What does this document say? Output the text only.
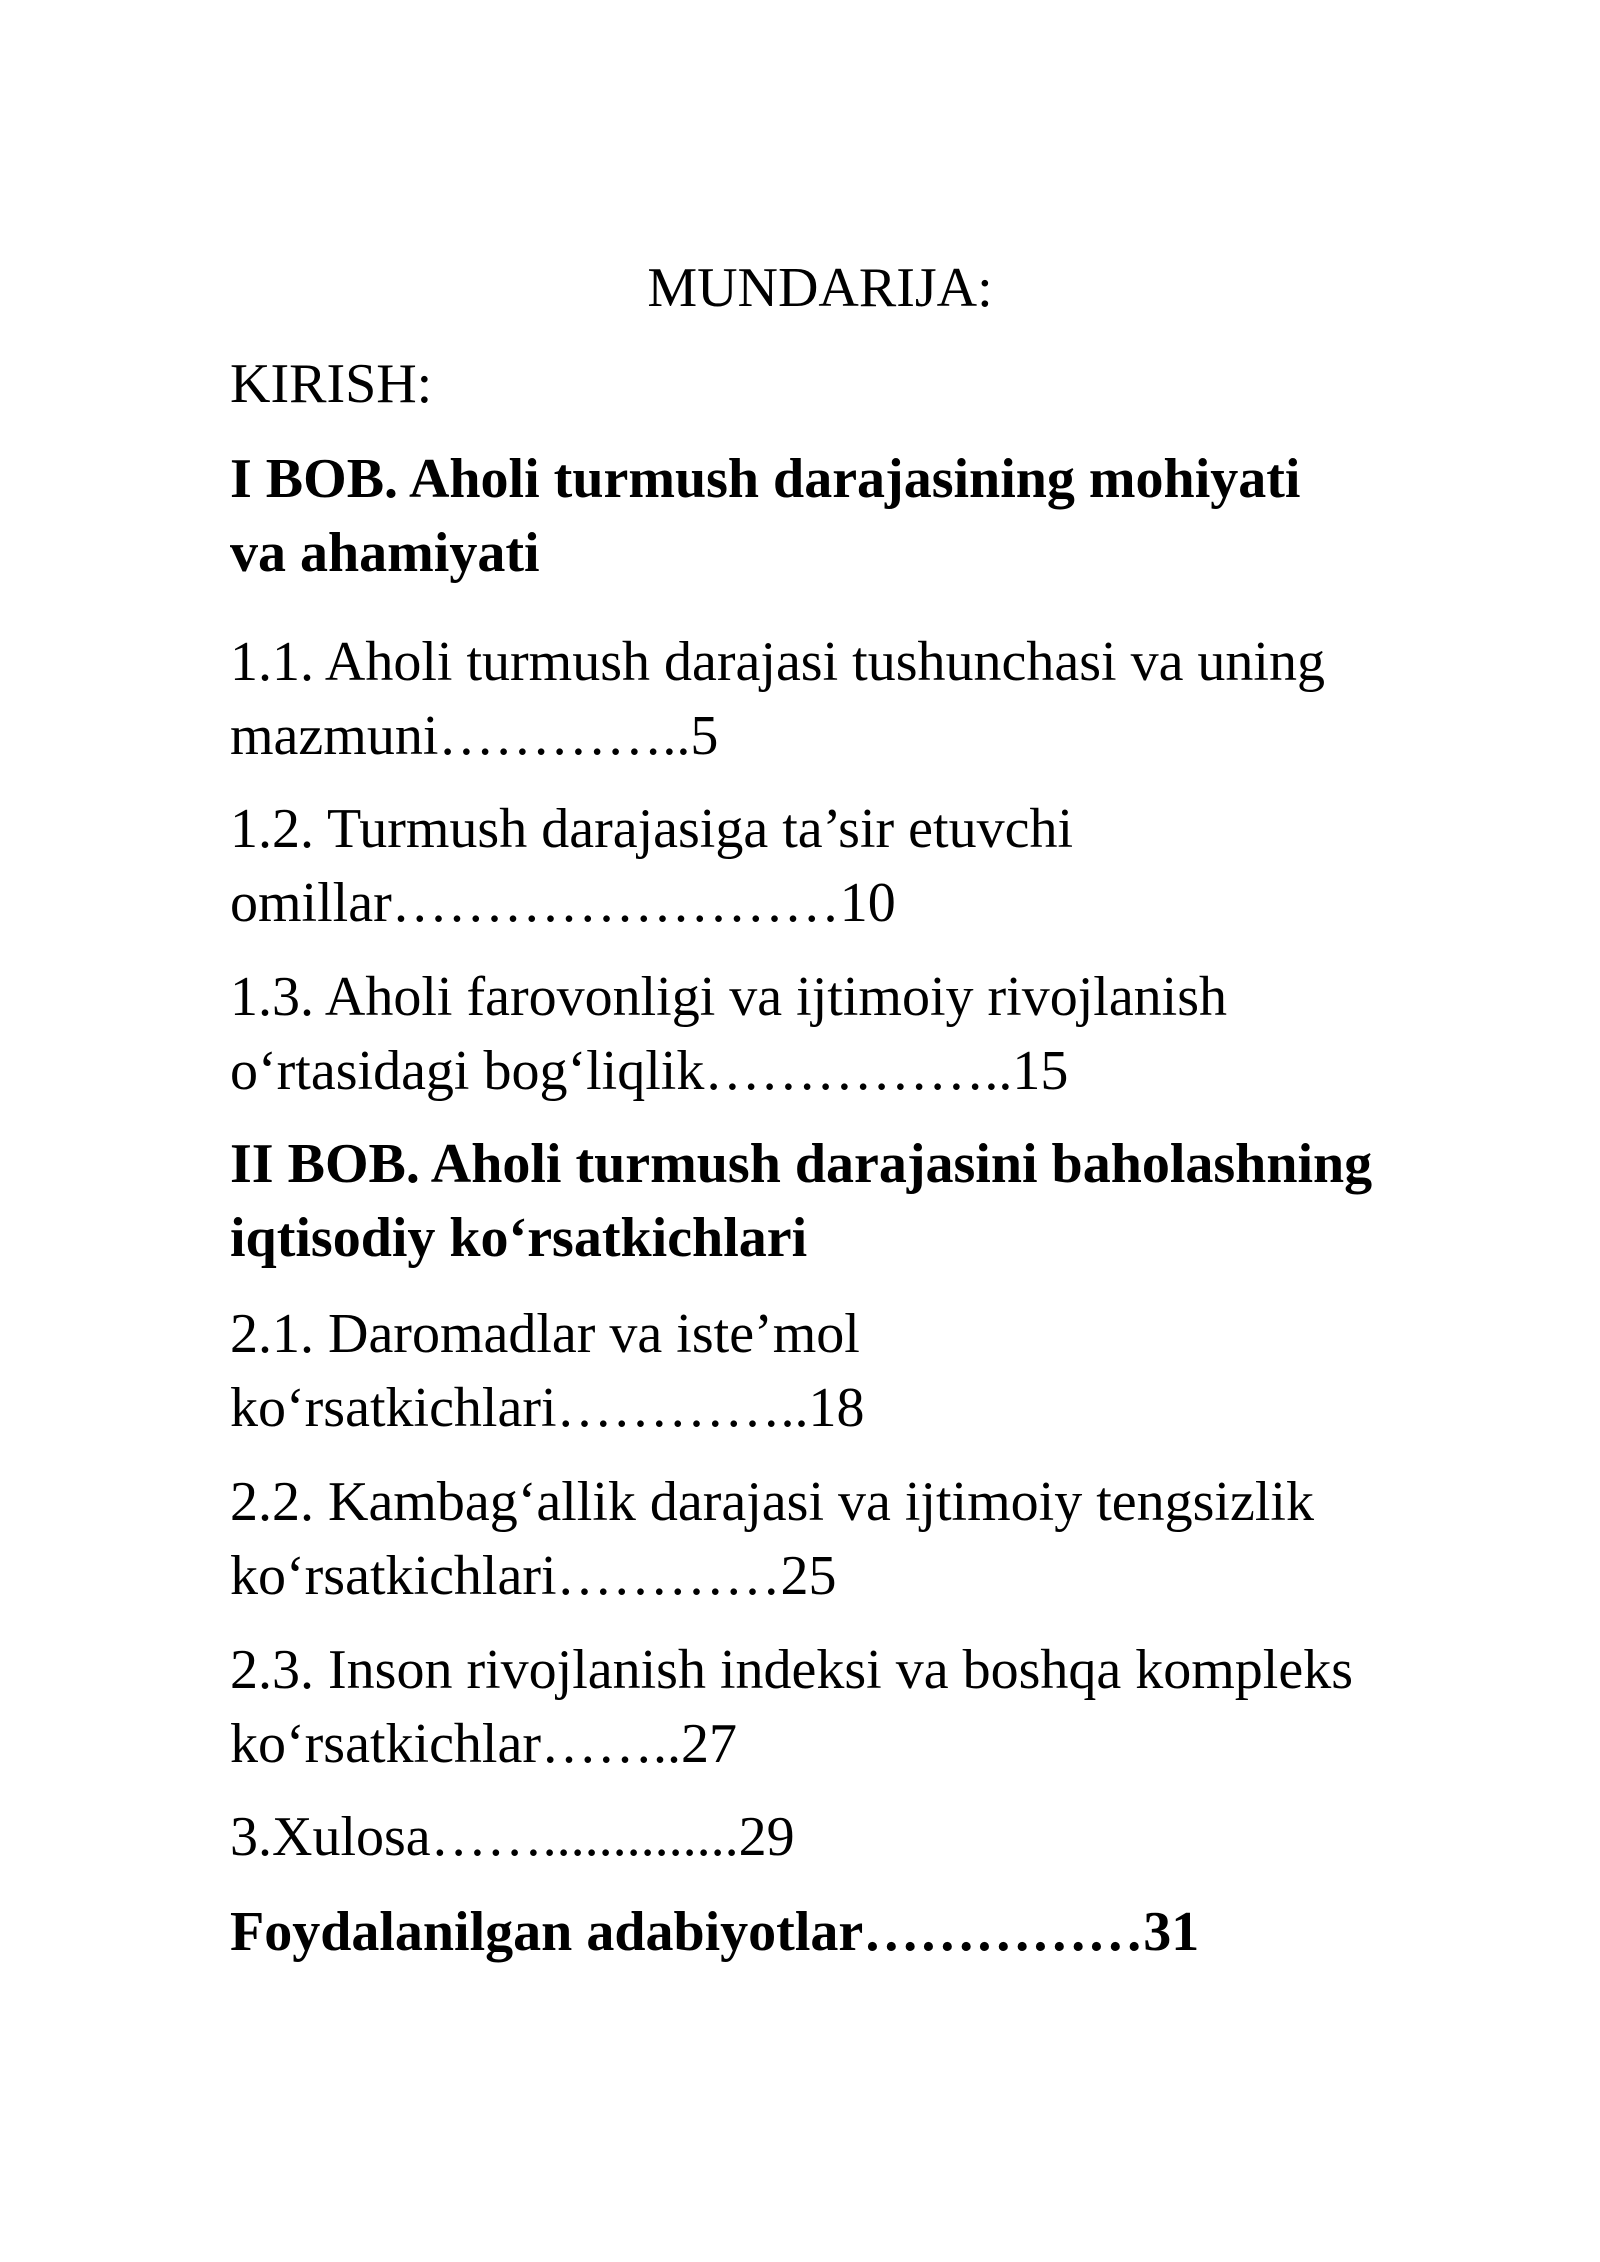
MUNDARIJA:
KIRISH:
I BOB. Aholi turmush darajasining mohiyati
va ahamiyati
1.1. Aholi turmush darajasi tushunchasi va uning
mazmuni…………..5
1.2. Turmush darajasiga ta’sir etuvchi
omillar……………………10
1.3. Aholi farovonligi va ijtimoiy rivojlanish
o‘rtasidagi bog‘liqlik……………..15
II BOB. Aholi turmush darajasini baholashning
iqtisodiy ko‘rsatkichlari
2.1. Daromadlar va iste’mol
ko‘rsatkichlari…………..18
2.2. Kambag‘allik darajasi va ijtimoiy tengsizlik
ko‘rsatkichlari…………25
2.3. Inson rivojlanish indeksi va boshqa kompleks
ko‘rsatkichlar……..27
3.Xulosa……..............29
Foydalanilgan adabiyotlar……………31
